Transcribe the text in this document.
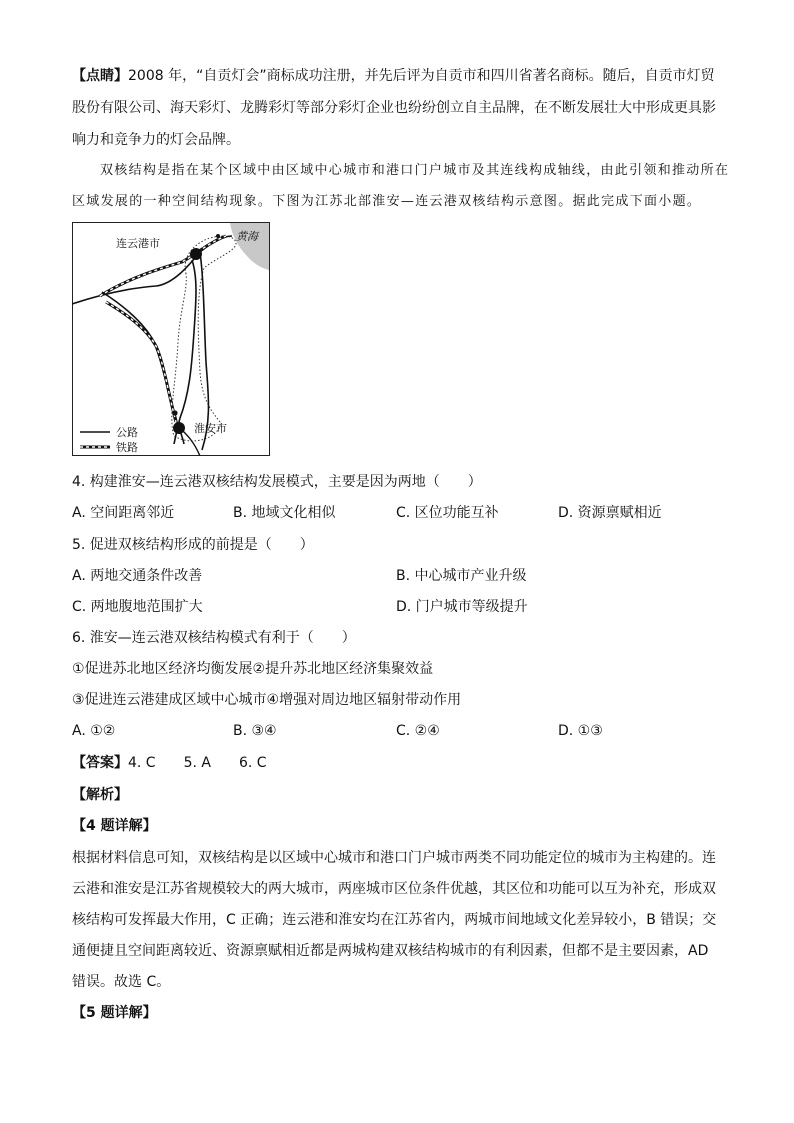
【点睛】2008 年，“自贡灯会”商标成功注册，并先后评为自贡市和四川省著名商标。随后，自贡市灯贸
股份有限公司、海天彩灯、龙腾彩灯等部分彩灯企业也纷纷创立自主品牌，在不断发展壮大中形成更具影
响力和竞争力的灯会品牌。
双核结构是指在某个区域中由区域中心城市和港口门户城市及其连线构成轴线，由此引领和推动所在
区域发展的一种空间结构现象。下图为江苏北部淮安—连云港双核结构示意图。据此完成下面小题。
连云港市
黄海
淮安市
公路
铁路
4. 构建淮安—连云港双核结构发展模式，主要是因为两地（　　）
A. 空间距离邻近	B. 地域文化相似	C. 区位功能互补	D. 资源禀赋相近
5. 促进双核结构形成的前提是（　　）
A. 两地交通条件改善	B. 中心城市产业升级
C. 两地腹地范围扩大	D. 门户城市等级提升
6. 淮安—连云港双核结构模式有利于（　　）
①促进苏北地区经济均衡发展②提升苏北地区经济集聚效益
③促进连云港建成区域中心城市④增强对周边地区辐射带动作用
A. ①②	B. ③④	C. ②④	D. ①③
【答案】4. C 5. A 6. C
【解析】
【4 题详解】
根据材料信息可知，双核结构是以区域中心城市和港口门户城市两类不同功能定位的城市为主构建的。连
云港和淮安是江苏省规模较大的两大城市，两座城市区位条件优越，其区位和功能可以互为补充，形成双
核结构可发挥最大作用，C 正确；连云港和淮安均在江苏省内，两城市间地域文化差异较小，B 错误；交
通便捷且空间距离较近、资源禀赋相近都是两城构建双核结构城市的有利因素，但都不是主要因素，AD
错误。故选 C。
【5 题详解】
